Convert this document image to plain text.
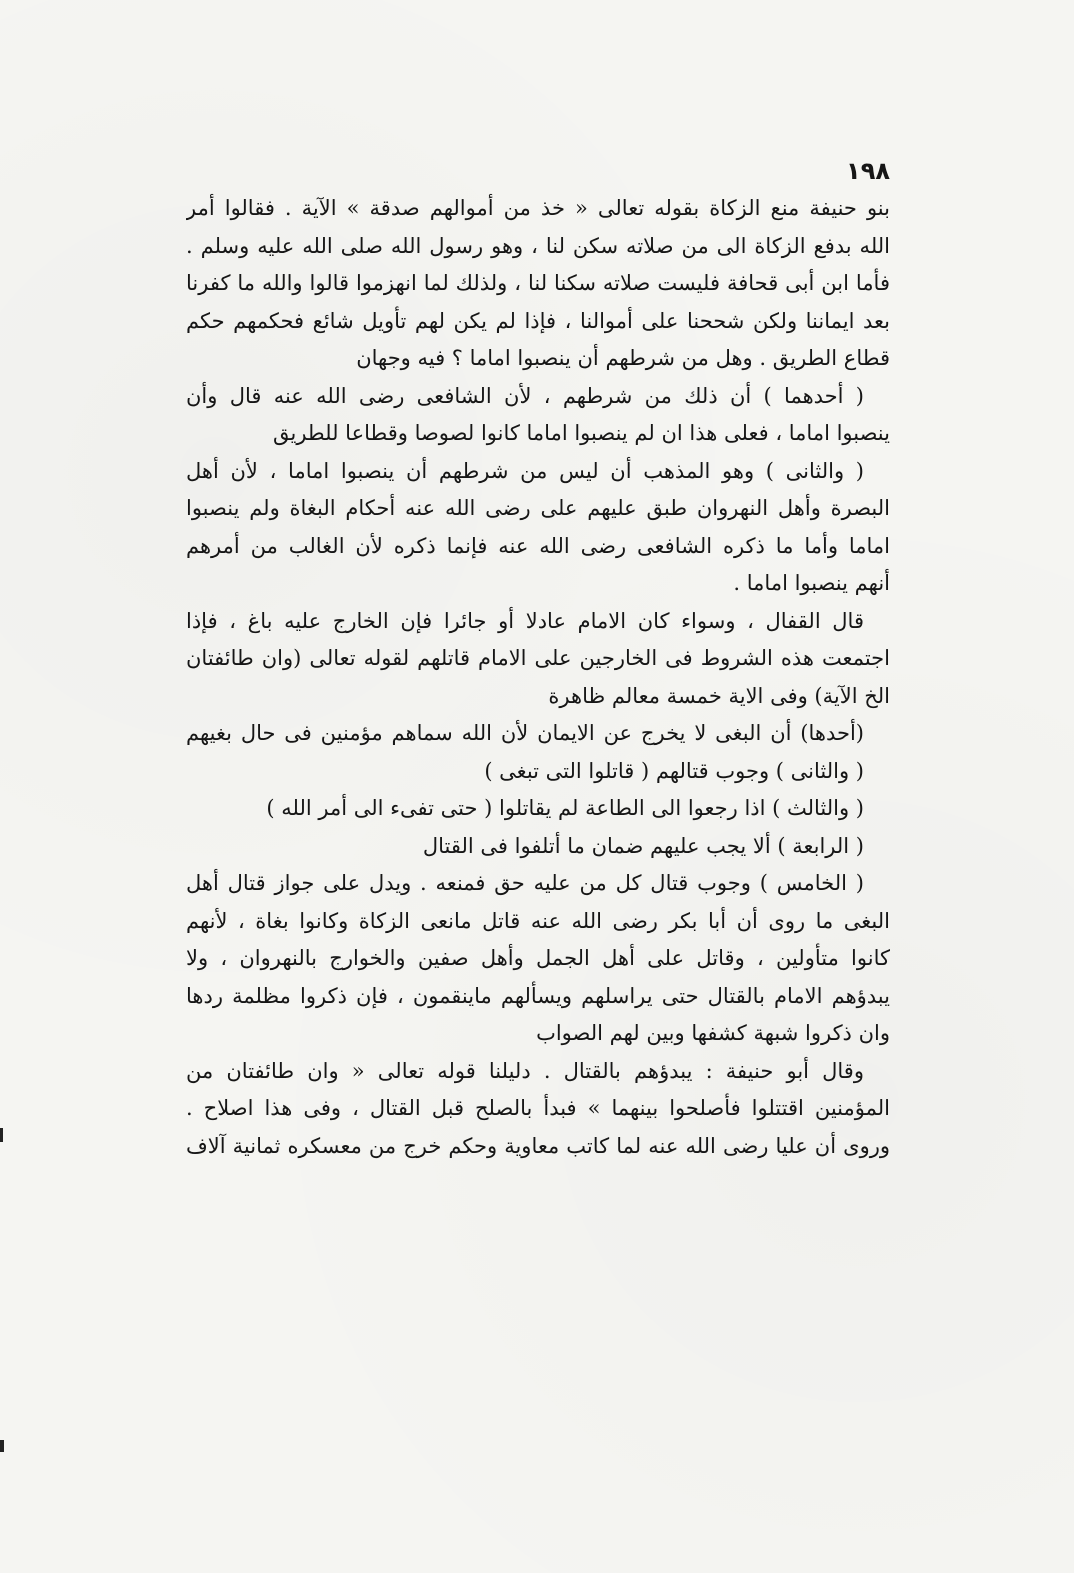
١٩٨
بنو حنيفة منع الزكاة بقوله تعالى « خذ من أموالهم صدقة » الآية . فقالوا أمر
الله بدفع الزكاة الى من صلاته سكن لنا ، وهو رسول الله صلى الله عليه وسلم .
فأما ابن أبى قحافة فليست صلاته سكنا لنا ، ولذلك لما انهزموا قالوا والله ما كفرنا
بعد ايماننا ولكن شححنا على أموالنا ، فإذا لم يكن لهم تأويل شائع فحكمهم حكم
قطاع الطريق . وهل من شرطهم أن ينصبوا اماما ؟ فيه وجهان
( أحدهما ) أن ذلك من شرطهم ، لأن الشافعى رضى الله عنه قال وأن
ينصبوا اماما ، فعلى هذا ان لم ينصبوا اماما كانوا لصوصا وقطاعا للطريق
( والثانى ) وهو المذهب أن ليس من شرطهم أن ينصبوا اماما ، لأن أهل
البصرة وأهل النهروان طبق عليهم على رضى الله عنه أحكام البغاة ولم ينصبوا
اماما وأما ما ذكره الشافعى رضى الله عنه فإنما ذكره لأن الغالب من أمرهم
أنهم ينصبوا اماما .
قال القفال ، وسواء كان الامام عادلا أو جائرا فإن الخارج عليه باغ ، فإذا
اجتمعت هذه الشروط فى الخارجين على الامام قاتلهم لقوله تعالى (وان طائفتان
الخ الآية) وفى الاية خمسة معالم ظاهرة
(أحدها) أن البغى لا يخرج عن الايمان لأن الله سماهم مؤمنين فى حال بغيهم
( والثانى ) وجوب قتالهم ( قاتلوا التى تبغى )
( والثالث ) اذا رجعوا الى الطاعة لم يقاتلوا ( حتى تفىء الى أمر الله )
( الرابعة ) ألا يجب عليهم ضمان ما أتلفوا فى القتال
( الخامس ) وجوب قتال كل من عليه حق فمنعه . ويدل على جواز قتال أهل
البغى ما روى أن أبا بكر رضى الله عنه قاتل مانعى الزكاة وكانوا بغاة ، لأنهم
كانوا متأولين ، وقاتل على أهل الجمل وأهل صفين والخوارج بالنهروان ، ولا
يبدؤهم الامام بالقتال حتى يراسلهم ويسألهم ماينقمون ، فإن ذكروا مظلمة ردها
وان ذكروا شبهة كشفها وبين لهم الصواب
وقال أبو حنيفة : يبدؤهم بالقتال . دليلنا قوله تعالى « وان طائفتان من
المؤمنين اقتتلوا فأصلحوا بينهما » فبدأ بالصلح قبل القتال ، وفى هذا اصلاح .
وروى أن عليا رضى الله عنه لما كاتب معاوية وحكم خرج من معسكره ثمانية آلاف
